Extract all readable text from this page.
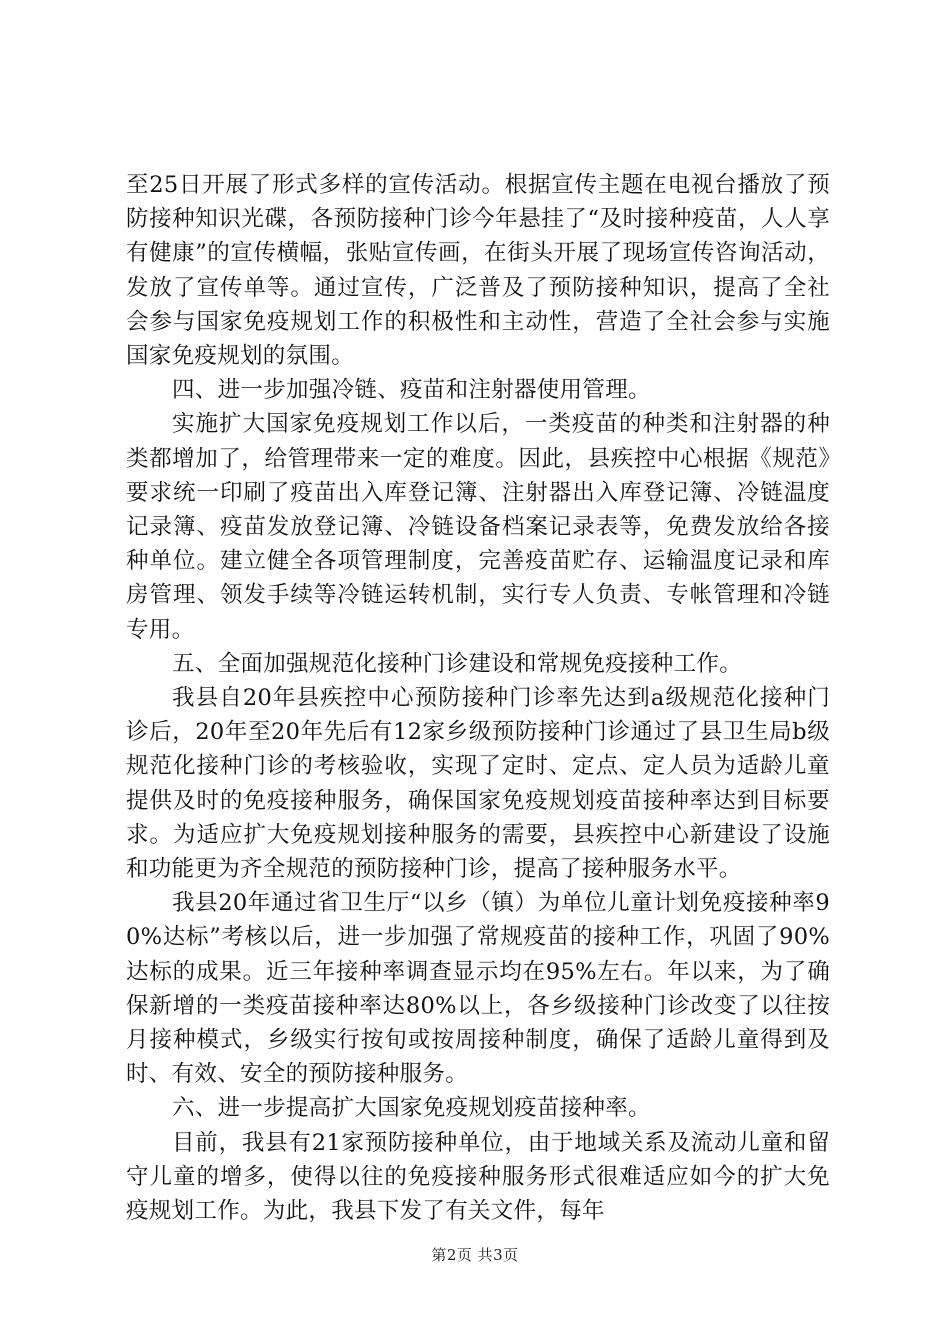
至25日开展了形式多样的宣传活动。根据宣传主题在电视台播放了预防接种知识光碟，各预防接种门诊今年悬挂了“及时接种疫苗，人人享有健康”的宣传横幅，张贴宣传画，在街头开展了现场宣传咨询活动，发放了宣传单等。通过宣传，广泛普及了预防接种知识，提高了全社会参与国家免疫规划工作的积极性和主动性，营造了全社会参与实施国家免疫规划的氛围。

四、进一步加强冷链、疫苗和注射器使用管理。

实施扩大国家免疫规划工作以后，一类疫苗的种类和注射器的种类都增加了，给管理带来一定的难度。因此，县疾控中心根据《规范》要求统一印刷了疫苗出入库登记簿、注射器出入库登记簿、冷链温度记录簿、疫苗发放登记簿、冷链设备档案记录表等，免费发放给各接种单位。建立健全各项管理制度，完善疫苗贮存、运输温度记录和库房管理、领发手续等冷链运转机制，实行专人负责、专帐管理和冷链专用。

五、全面加强规范化接种门诊建设和常规免疫接种工作。

我县自20年县疾控中心预防接种门诊率先达到a级规范化接种门诊后，20年至20年先后有12家乡级预防接种门诊通过了县卫生局b级规范化接种门诊的考核验收，实现了定时、定点、定人员为适龄儿童提供及时的免疫接种服务，确保国家免疫规划疫苗接种率达到目标要求。为适应扩大免疫规划接种服务的需要，县疾控中心新建设了设施和功能更为齐全规范的预防接种门诊，提高了接种服务水平。

我县20年通过省卫生厅“以乡（镇）为单位儿童计划免疫接种率90%达标”考核以后，进一步加强了常规疫苗的接种工作，巩固了90%达标的成果。近三年接种率调查显示均在95%左右。年以来，为了确保新增的一类疫苗接种率达80%以上，各乡级接种门诊改变了以往按月接种模式，乡级实行按旬或按周接种制度，确保了适龄儿童得到及时、有效、安全的预防接种服务。

六、进一步提高扩大国家免疫规划疫苗接种率。

目前，我县有21家预防接种单位，由于地域关系及流动儿童和留守儿童的增多，使得以往的免疫接种服务形式很难适应如今的扩大免疫规划工作。为此，我县下发了有关文件，每年

第2页 共3页
